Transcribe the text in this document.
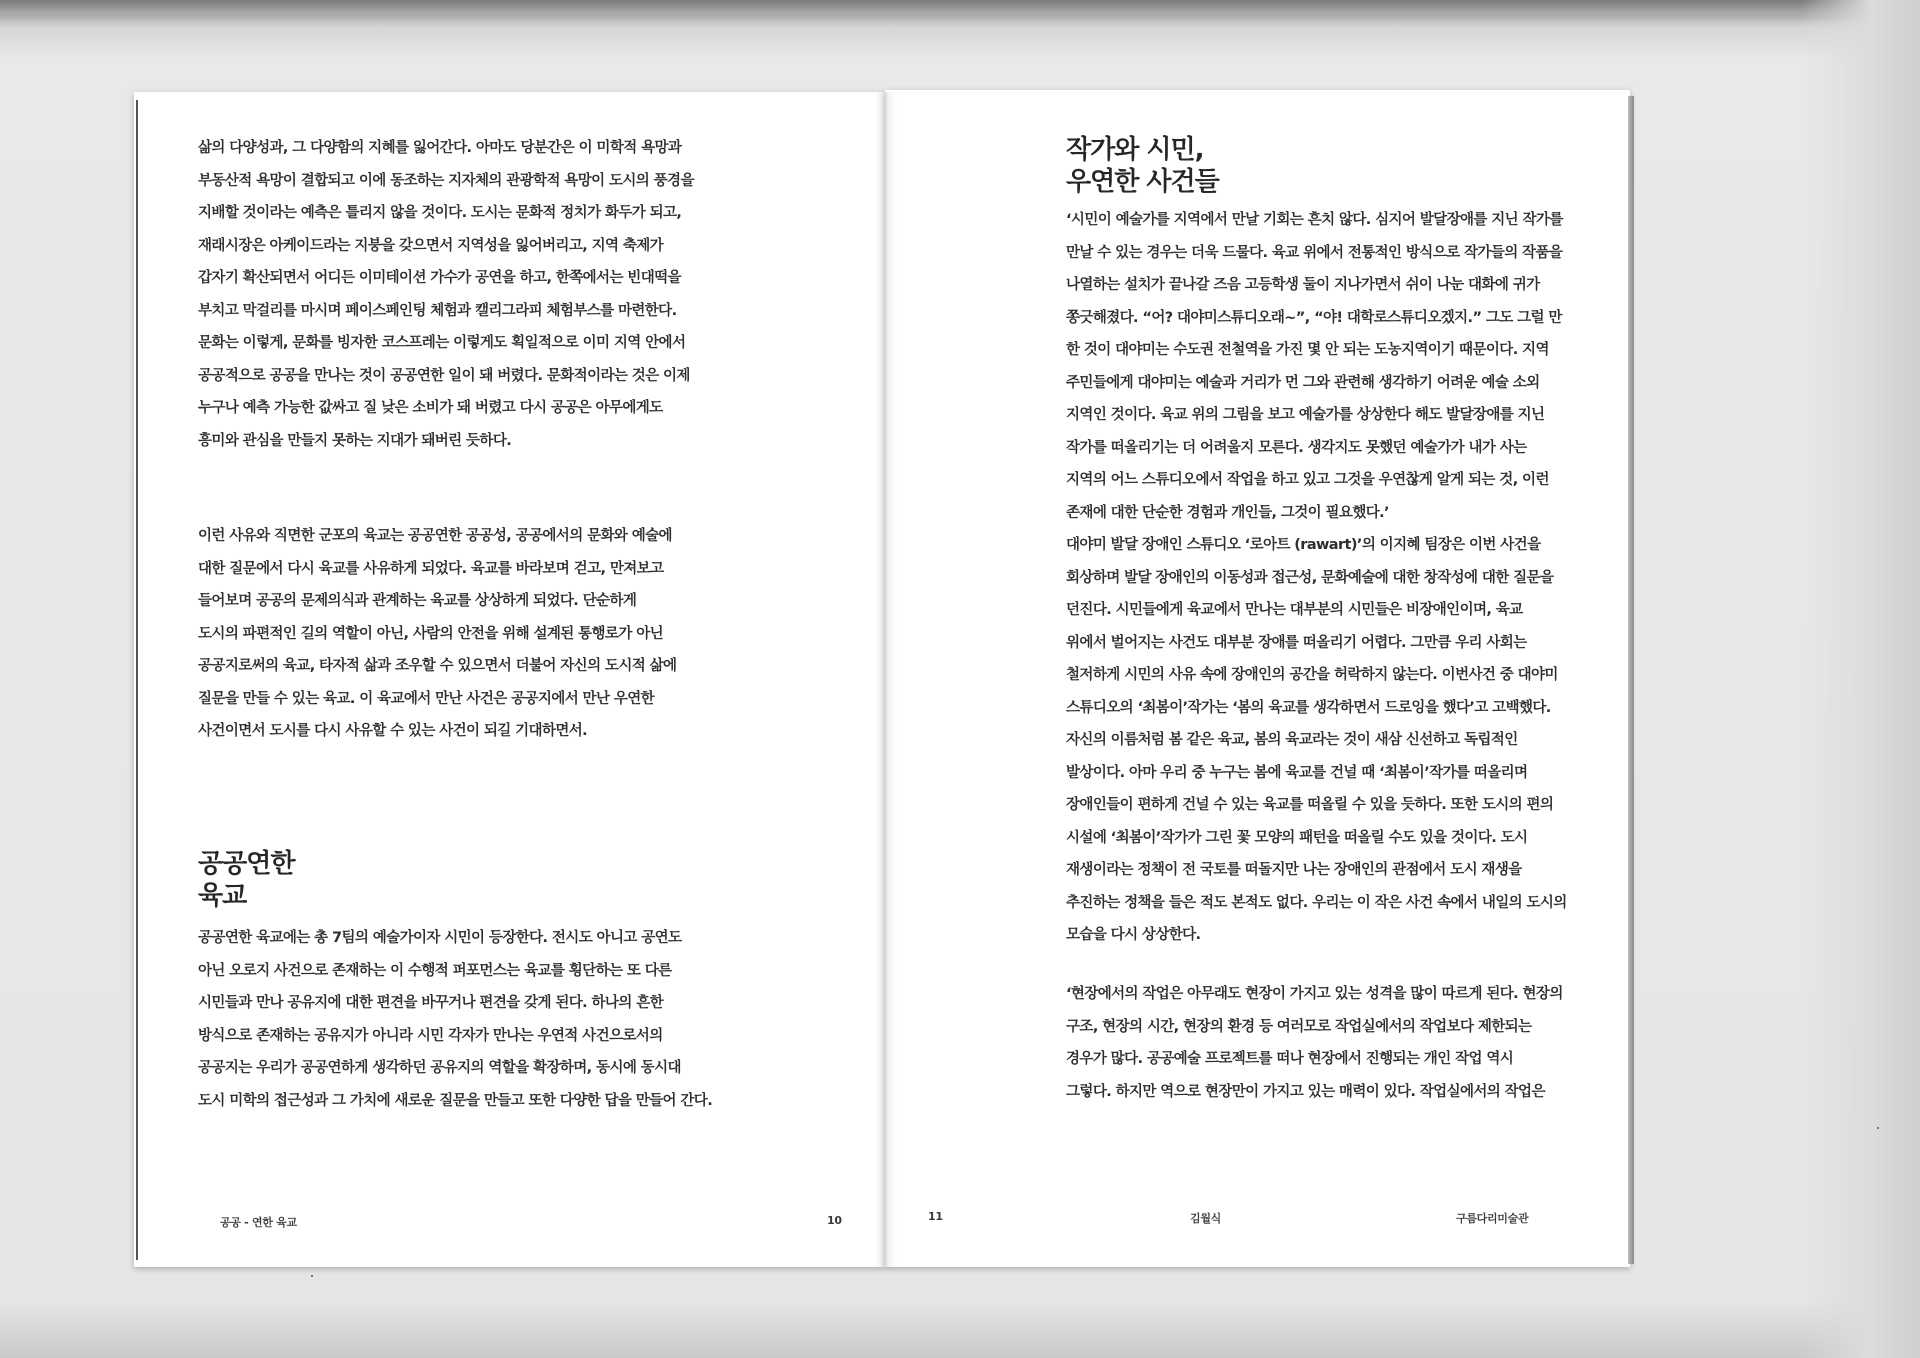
삶의 다양성과, 그 다양함의 지혜를 잃어간다. 아마도 당분간은 이 미학적 욕망과

부동산적 욕망이 결합되고 이에 동조하는 지자체의 관광학적 욕망이 도시의 풍경을

지배할 것이라는 예측은 틀리지 않을 것이다. 도시는 문화적 정치가 화두가 되고,

재래시장은 아케이드라는 지붕을 갖으면서 지역성을 잃어버리고, 지역 축제가

갑자기 확산되면서 어디든 이미테이션 가수가 공연을 하고, 한쪽에서는 빈대떡을

부치고 막걸리를 마시며 페이스페인팅 체험과 캘리그라피 체험부스를 마련한다.

문화는 이렇게, 문화를 빙자한 코스프레는 이렇게도 획일적으로 이미 지역 안에서

공공적으로 공공을 만나는 것이 공공연한 일이 돼 버렸다. 문화적이라는 것은 이제

누구나 예측 가능한 값싸고 질 낮은 소비가 돼 버렸고 다시 공공은 아무에게도

흥미와 관심을 만들지 못하는 지대가 돼버린 듯하다.

이런 사유와 직면한 군포의 육교는 공공연한 공공성, 공공에서의 문화와 예술에

대한 질문에서 다시 육교를 사유하게 되었다. 육교를 바라보며 걷고, 만져보고

들어보며 공공의 문제의식과 관계하는 육교를 상상하게 되었다. 단순하게

도시의 파편적인 길의 역할이 아닌, 사람의 안전을 위해 설계된 통행로가 아닌

공공지로써의 육교, 타자적 삶과 조우할 수 있으면서 더불어 자신의 도시적 삶에

질문을 만들 수 있는 육교. 이 육교에서 만난 사건은 공공지에서 만난 우연한

사건이면서 도시를 다시 사유할 수 있는 사건이 되길 기대하면서.

공공연한

육교

공공연한 육교에는 총 7팀의 예술가이자 시민이 등장한다. 전시도 아니고 공연도

아닌 오로지 사건으로 존재하는 이 수행적 퍼포먼스는 육교를 횡단하는 또 다른

시민들과 만나 공유지에 대한 편견을 바꾸거나 편견을 갖게 된다. 하나의 흔한

방식으로 존재하는 공유지가 아니라 시민 각자가 만나는 우연적 사건으로서의

공공지는 우리가 공공연하게 생각하던 공유지의 역할을 확장하며, 동시에 동시대

도시 미학의 접근성과 그 가치에 새로운 질문을 만들고 또한 다양한 답을 만들어 간다.

공공 - 연한 육교	10

작가와 시민,

우연한 사건들

‘시민이 예술가를 지역에서 만날 기회는 흔치 않다. 심지어 발달장애를 지닌 작가를

만날 수 있는 경우는 더욱 드물다. 육교 위에서 전통적인 방식으로 작가들의 작품을

나열하는 설치가 끝나갈 즈음 고등학생 둘이 지나가면서 쉬이 나눈 대화에 귀가

쫑긋해졌다. “어? 대야미스튜디오래~”, “야! 대학로스튜디오겠지.” 그도 그럴 만

한 것이 대야미는 수도권 전철역을 가진 몇 안 되는 도농지역이기 때문이다. 지역

주민들에게 대야미는 예술과 거리가 먼 그와 관련해 생각하기 어려운 예술 소외

지역인 것이다. 육교 위의 그림을 보고 예술가를 상상한다 해도 발달장애를 지닌

작가를 떠올리기는 더 어려울지 모른다. 생각지도 못했던 예술가가 내가 사는

지역의 어느 스튜디오에서 작업을 하고 있고 그것을 우연찮게 알게 되는 것, 이런

존재에 대한 단순한 경험과 개인들, 그것이 필요했다.’

대야미 발달 장애인 스튜디오 ‘로아트 (rawart)’의 이지혜 팀장은 이번 사건을

회상하며 발달 장애인의 이동성과 접근성, 문화예술에 대한 창작성에 대한 질문을

던진다. 시민들에게 육교에서 만나는 대부분의 시민들은 비장애인이며, 육교

위에서 벌어지는 사건도 대부분 장애를 떠올리기 어렵다. 그만큼 우리 사회는

철저하게 시민의 사유 속에 장애인의 공간을 허락하지 않는다. 이번사건 중 대야미

스튜디오의 ‘최봄이’작가는 ‘봄의 육교를 생각하면서 드로잉을 했다’고 고백했다.

자신의 이름처럼 봄 같은 육교, 봄의 육교라는 것이 새삼 신선하고 독립적인

발상이다. 아마 우리 중 누구는 봄에 육교를 건널 때 ‘최봄이’작가를 떠올리며

장애인들이 편하게 건널 수 있는 육교를 떠올릴 수 있을 듯하다. 또한 도시의 편의

시설에 ‘최봄이’작가가 그린 꽃 모양의 패턴을 떠올릴 수도 있을 것이다. 도시

재생이라는 정책이 전 국토를 떠돌지만 나는 장애인의 관점에서 도시 재생을

추진하는 정책을 들은 적도 본적도 없다. 우리는 이 작은 사건 속에서 내일의 도시의

모습을 다시 상상한다.

‘현장에서의 작업은 아무래도 현장이 가지고 있는 성격을 많이 따르게 된다. 현장의

구조, 현장의 시간, 현장의 환경 등 여러모로 작업실에서의 작업보다 제한되는

경우가 많다. 공공예술 프로젝트를 떠나 현장에서 진행되는 개인 작업 역시

그렇다. 하지만 역으로 현장만이 가지고 있는 매력이 있다. 작업실에서의 작업은

11	김월식	구름다리미술관
